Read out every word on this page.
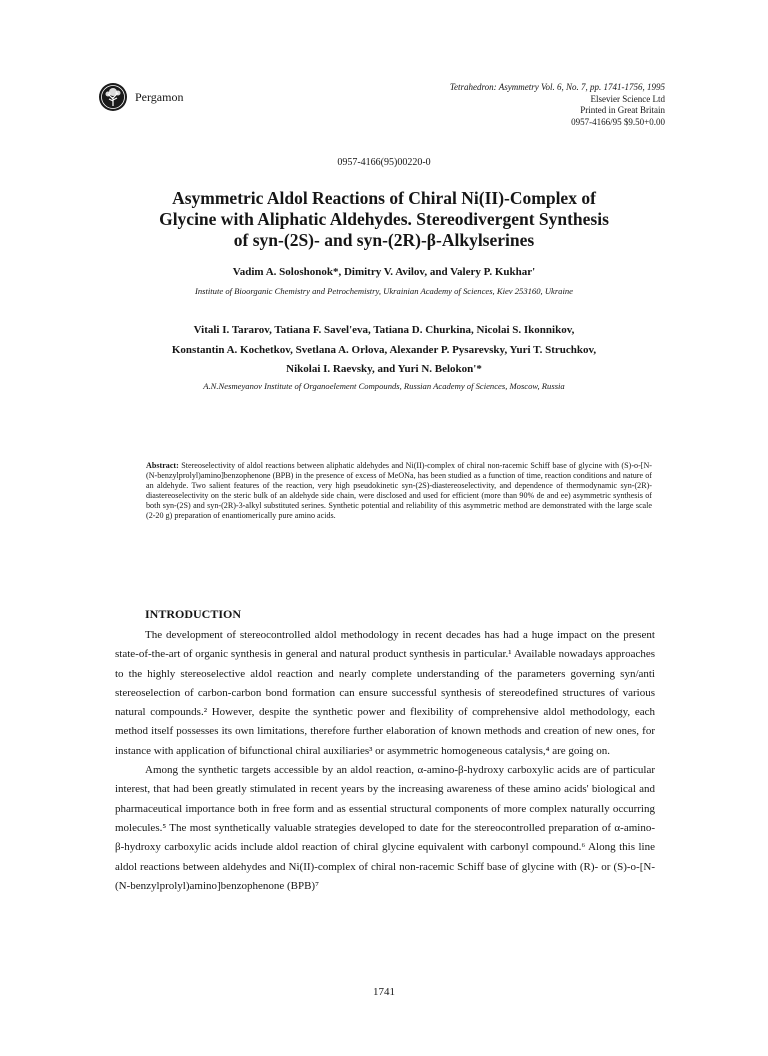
Pergamon
Tetrahedron: Asymmetry Vol. 6, No. 7, pp. 1741-1756, 1995
Elsevier Science Ltd
Printed in Great Britain
0957-4166/95 $9.50+0.00
0957-4166(95)00220-0
Asymmetric Aldol Reactions of Chiral Ni(II)-Complex of
Glycine with Aliphatic Aldehydes. Stereodivergent Synthesis
of syn-(2S)- and syn-(2R)-β-Alkylserines
Vadim A. Soloshonok*, Dimitry V. Avilov, and Valery P. Kukhar'
Institute of Bioorganic Chemistry and Petrochemistry, Ukrainian Academy of Sciences, Kiev 253160, Ukraine
Vitali I. Tararov, Tatiana F. Savel'eva, Tatiana D. Churkina, Nicolai S. Ikonnikov,
Konstantin A. Kochetkov, Svetlana A. Orlova, Alexander P. Pysarevsky, Yuri T. Struchkov,
Nikolai I. Raevsky, and Yuri N. Belokon'*
A.N.Nesmeyanov Institute of Organoelement Compounds, Russian Academy of Sciences, Moscow, Russia
Abstract: Stereoselectivity of aldol reactions between aliphatic aldehydes and Ni(II)-complex of chiral non-racemic Schiff base of glycine with (S)-o-[N-(N-benzylprolyl)amino]benzophenone (BPB) in the presence of excess of MeONa, has been studied as a function of time, reaction conditions and nature of an aldehyde. Two salient features of the reaction, very high pseudokinetic syn-(2S)-diastereoselectivity, and dependence of thermodynamic syn-(2R)-diastereoselectivity on the steric bulk of an aldehyde side chain, were disclosed and used for efficient (more than 90% de and ee) asymmetric synthesis of both syn-(2S) and syn-(2R)-3-alkyl substituted serines. Synthetic potential and reliability of this asymmetric method are demonstrated with the large scale (2-20 g) preparation of enantiomerically pure amino acids.
INTRODUCTION

The development of stereocontrolled aldol methodology in recent decades has had a huge impact on the present state-of-the-art of organic synthesis in general and natural product synthesis in particular.¹ Available nowadays approaches to the highly stereoselective aldol reaction and nearly complete understanding of the parameters governing syn/anti stereoselection of carbon-carbon bond formation can ensure successful synthesis of stereodefined structures of various natural compounds.² However, despite the synthetic power and flexibility of comprehensive aldol methodology, each method itself possesses its own limitations, therefore further elaboration of known methods and creation of new ones, for instance with application of bifunctional chiral auxiliaries³ or asymmetric homogeneous catalysis,⁴ are going on.

Among the synthetic targets accessible by an aldol reaction, α-amino-β-hydroxy carboxylic acids are of particular interest, that had been greatly stimulated in recent years by the increasing awareness of these amino acids' biological and pharmaceutical importance both in free form and as essential structural components of more complex naturally occurring molecules.⁵ The most synthetically valuable strategies developed to date for the stereocontrolled preparation of α-amino-β-hydroxy carboxylic acids include aldol reaction of chiral glycine equivalent with carbonyl compound.⁶ Along this line aldol reactions between aldehydes and Ni(II)-complex of chiral non-racemic Schiff base of glycine with (R)- or (S)-o-[N-(N-benzylprolyl)amino]benzophenone (BPB)⁷

1741
